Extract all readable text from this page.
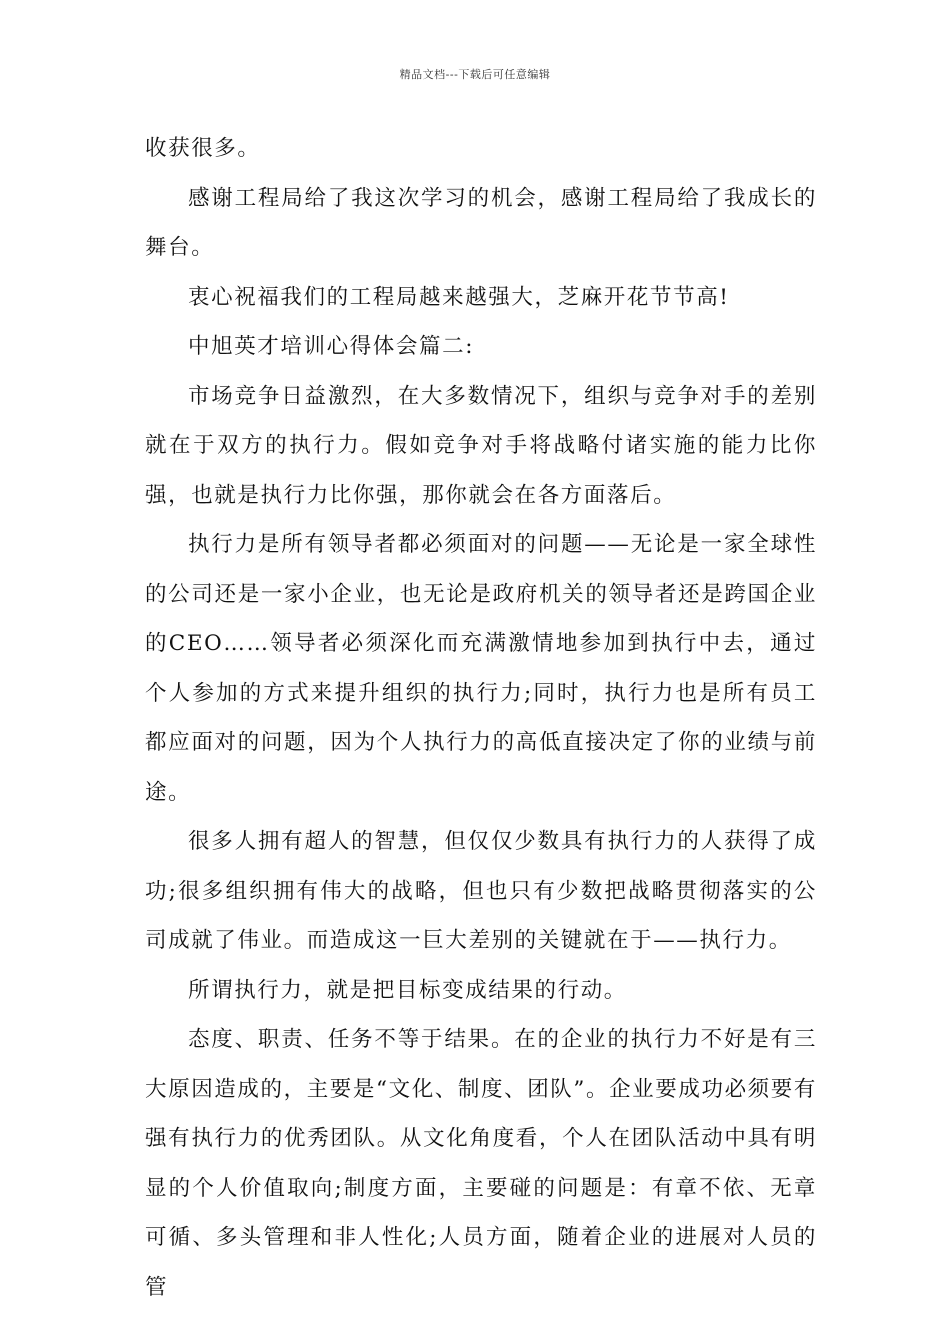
精品文档---下载后可任意编辑

收获很多。

感谢工程局给了我这次学习的机会，感谢工程局给了我成长的舞台。

衷心祝福我们的工程局越来越强大，芝麻开花节节高!

中旭英才培训心得体会篇二:

市场竞争日益激烈，在大多数情况下，组织与竞争对手的差别就在于双方的执行力。假如竞争对手将战略付诸实施的能力比你强，也就是执行力比你强，那你就会在各方面落后。

执行力是所有领导者都必须面对的问题——无论是一家全球性的公司还是一家小企业，也无论是政府机关的领导者还是跨国企业的CEO……领导者必须深化而充满激情地参加到执行中去，通过个人参加的方式来提升组织的执行力;同时，执行力也是所有员工都应面对的问题，因为个人执行力的高低直接决定了你的业绩与前途。

很多人拥有超人的智慧，但仅仅少数具有执行力的人获得了成功;很多组织拥有伟大的战略，但也只有少数把战略贯彻落实的公司成就了伟业。而造成这一巨大差别的关键就在于——执行力。

所谓执行力，就是把目标变成结果的行动。

态度、职责、任务不等于结果。在的企业的执行力不好是有三大原因造成的，主要是“文化、制度、团队”。企业要成功必须要有强有执行力的优秀团队。从文化角度看，个人在团队活动中具有明显的个人价值取向;制度方面，主要碰的问题是：有章不依、无章可循、多头管理和非人性化;人员方面，随着企业的进展对人员的管
